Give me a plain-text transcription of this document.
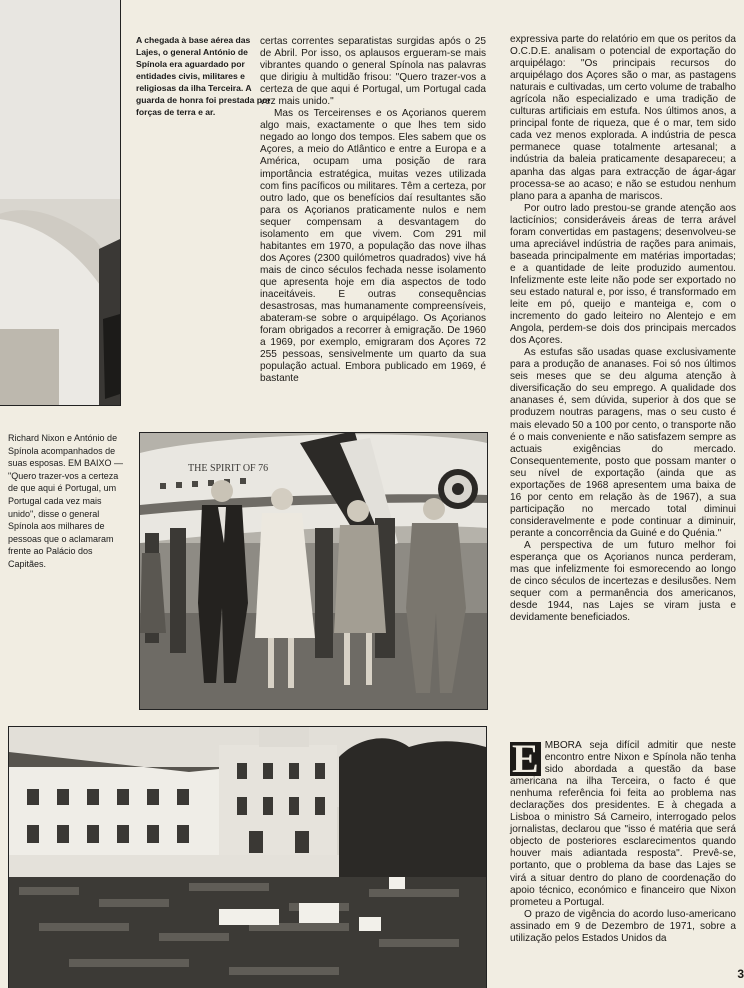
A chegada à base aérea das Lajes, o general António de Spínola era aguardado por entidades civis, militares e religiosas da ilha Terceira. A guarda de honra foi prestada por forças de terra e ar.

certas correntes separatistas surgidas após o 25 de Abril. Por isso, os aplausos ergueram-se mais vibrantes quando o general Spínola nas palavras que dirigiu à multidão frisou: "Quero trazer-vos a certeza de que aqui é Portugal, um Portugal cada vez mais unido."

Mas os Terceirenses e os Açorianos querem algo mais, exactamente o que lhes tem sido negado ao longo dos tempos. Eles sabem que os Açores, a meio do Atlântico e entre a Europa e a América, ocupam uma posição de rara importância estratégica, muitas vezes utilizada com fins pacíficos ou militares. Têm a certeza, por outro lado, que os benefícios daí resultantes são para os Açorianos praticamente nulos e nem sequer compensam a desvantagem do isolamento em que vivem. Com 291 mil habitantes em 1970, a população das nove ilhas dos Açores (2300 quilómetros quadrados) vive há mais de cinco séculos fechada nesse isolamento que apresenta hoje em dia aspectos de todo inaceitáveis. E outras consequências desastrosas, mas humanamente compreensíveis, abateram-se sobre o arquipélago. Os Açorianos foram obrigados a recorrer à emigração. De 1960 a 1969, por exemplo, emigraram dos Açores 72 255 pessoas, sensivelmente um quarto da sua população actual. Embora publicado em 1969, é bastante

expressiva parte do relatório em que os peritos da O.C.D.E. analisam o potencial de exportação do arquipélago: "Os principais recursos do arquipélago dos Açores são o mar, as pastagens naturais e cultivadas, um certo volume de trabalho agrícola não especializado e uma tradição de culturas artificiais em estufa. Nos últimos anos, a principal fonte de riqueza, que é o mar, tem sido cada vez menos explorada. A indústria de pesca permanece quase totalmente artesanal; a indústria da baleia praticamente desapareceu; a apanha das algas para extracção de ágar-ágar processa-se ao acaso; e não se estudou nenhum plano para a apanha de mariscos.

Por outro lado prestou-se grande atenção aos lacticínios; consideráveis áreas de terra arável foram convertidas em pastagens; desenvolveu-se uma apreciável indústria de rações para animais, baseada principalmente em matérias importadas; e a quantidade de leite produzido aumentou. Infelizmente este leite não pode ser exportado no seu estado natural e, por isso, é transformado em leite em pó, queijo e manteiga e, com o incremento do gado leiteiro no Alentejo e em Angola, perdem-se dois dos principais mercados dos Açores.

As estufas são usadas quase exclusivamente para a produção de ananases. Foi só nos últimos seis meses que se deu alguma atenção à diversificação do seu emprego. A qualidade dos ananases é, sem dúvida, superior à dos que se produzem noutras paragens, mas o seu custo é mais elevado 50 a 100 por cento, o transporte não é o mais conveniente e não satisfazem sempre as actuais exigências do mercado. Consequentemente, posto que possam manter o seu nível de exportação (ainda que as exportações de 1968 apresentem uma baixa de 16 por cento em relação às de 1967), a sua participação no mercado total diminui consideravelmente e pode continuar a diminuir, perante a concorrência da Guiné e do Quénia."

A perspectiva de um futuro melhor foi esperança que os Açorianos nunca perderam, mas que infelizmente foi esmorecendo ao longo de cinco séculos de incertezas e desilusões. Nem sequer com a permanência dos americanos, desde 1944, nas Lajes se viram justa e devidamente beneficiados.

E MBORA seja difícil admitir que neste encontro entre Nixon e Spínola não tenha sido abordada a questão da base americana na ilha Terceira, o facto é que nenhuma referência foi feita ao problema nas declarações dos presidentes. E à chegada a Lisboa o ministro Sá Carneiro, interrogado pelos jornalistas, declarou que "isso é matéria que será objecto de posteriores esclarecimentos quando houver mais adiantada resposta". Prevê-se, portanto, que o problema da base das Lajes se virá a situar dentro do plano de coordenação do apoio técnico, económico e financeiro que Nixon prometeu a Portugal.

O prazo de vigência do acordo luso-americano assinado em 9 de Dezembro de 1971, sobre a utilização pelos Estados Unidos da

Richard Nixon e António de Spínola acompanhados de suas esposas. EM BAIXO — "Quero trazer-vos a certeza de que aqui é Portugal, um Portugal cada vez mais unido", disse o general Spínola aos milhares de pessoas que o aclamaram frente ao Palácio dos Capitães.

THE SPIRIT OF 76
3
